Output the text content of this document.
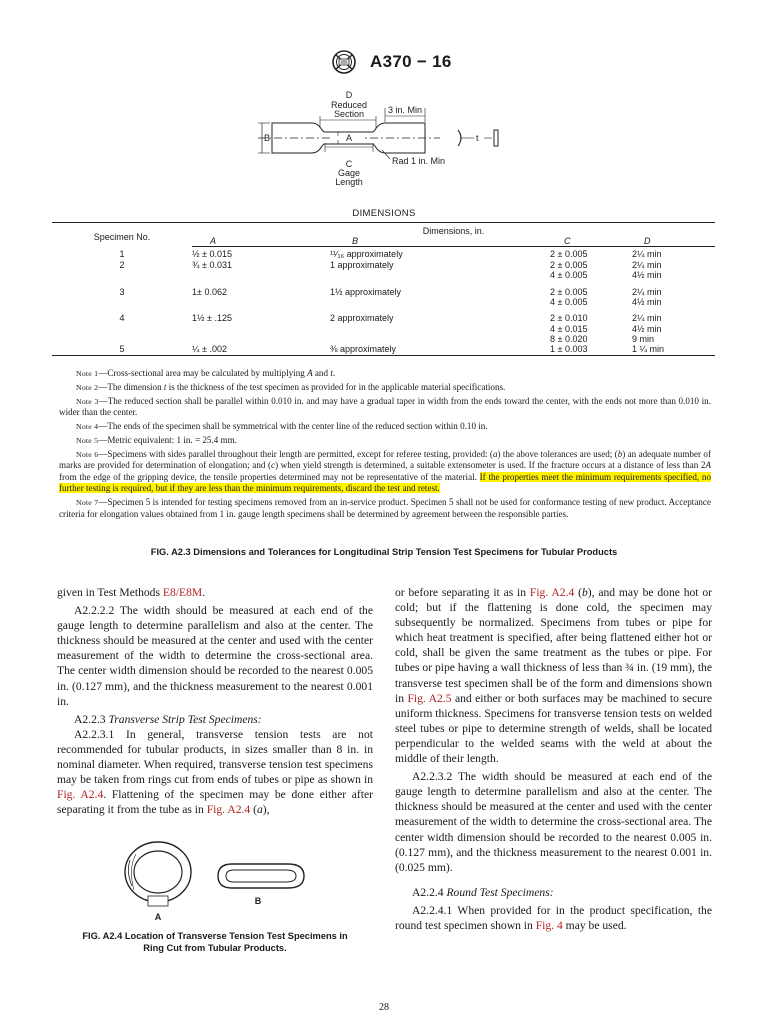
A370 − 16
B
D
Reduced
Section	3 in. Min
A
C
Gage
Length
Rad 1 in. Min
t
DIMENSIONS
Specimen No.	Dimensions, in.			
	A	B	C	D
1	½ ± 0.015	¹¹⁄₁₆ approximately	2 ± 0.005	2¼ min
2	¾ ± 0.031	1 approximately	2 ± 0.005	2¼ min
			4 ± 0.005	4½ min
3	1± 0.062	1½ approximately	2 ± 0.005	2¼ min
			4 ± 0.005	4½ min
4	1½ ± .125	2 approximately	2 ± 0.010	2¼ min
			4 ± 0.015	4½ min
			8 ± 0.020	9 min
5	¼ ± .002	⅜ approximately	1 ± 0.003	1 ¼ min

Note 1—Cross-sectional area may be calculated by multiplying A and t.

Note 2—The dimension t is the thickness of the test specimen as provided for in the applicable material specifications.

Note 3—The reduced section shall be parallel within 0.010 in. and may have a gradual taper in width from the ends toward the center, with the ends not more than 0.010 in. wider than the center.

Note 4—The ends of the specimen shall be symmetrical with the center line of the reduced section within 0.10 in.

Note 5—Metric equivalent: 1 in. = 25.4 mm.

Note 6—Specimens with sides parallel throughout their length are permitted, except for referee testing, provided: (a) the above tolerances are used; (b) an adequate number of marks are provided for determination of elongation; and (c) when yield strength is determined, a suitable extensometer is used. If the fracture occurs at a distance of less than 2A from the edge of the gripping device, the tensile properties determined may not be representative of the material. If the properties meet the minimum requirements specified, no further testing is required, but if they are less than the minimum requirements, discard the test and retest.

Note 7—Specimen 5 is intended for testing specimens removed from an in-service product. Specimen 5 shall not be used for conformance testing of new product. Acceptance criteria for elongation values obtained from 1 in. gauge length specimens shall be determined by agreement between the responsible parties.

FIG. A2.3 Dimensions and Tolerances for Longitudinal Strip Tension Test Specimens for Tubular Products

given in Test Methods E8/E8M.

A2.2.2.2 The width should be measured at each end of the gauge length to determine parallelism and also at the center. The thickness should be measured at the center and used with the center measurement of the width to determine the cross-sectional area. The center width dimension should be recorded to the nearest 0.005 in. (0.127 mm), and the thickness measurement to the nearest 0.001 in.

A2.2.3 Transverse Strip Test Specimens:

A2.2.3.1 In general, transverse tension tests are not recommended for tubular products, in sizes smaller than 8 in. in nominal diameter. When required, transverse tension test specimens may be taken from rings cut from ends of tubes or pipe as shown in Fig. A2.4. Flattening of the specimen may be done either after separating it from the tube as in Fig. A2.4 (a),

A
B
FIG. A2.4 Location of Transverse Tension Test Specimens in
Ring Cut from Tubular Products.

or before separating it as in Fig. A2.4 (b), and may be done hot or cold; but if the flattening is done cold, the specimen may subsequently be normalized. Specimens from tubes or pipe for which heat treatment is specified, after being flattened either hot or cold, shall be given the same treatment as the tubes or pipe. For tubes or pipe having a wall thickness of less than ¾ in. (19 mm), the transverse test specimen shall be of the form and dimensions shown in Fig. A2.5 and either or both surfaces may be machined to secure uniform thickness. Specimens for transverse tension tests on welded steel tubes or pipe to determine strength of welds, shall be located perpendicular to the welded seams with the weld at about the middle of their length.

A2.2.3.2 The width should be measured at each end of the gauge length to determine parallelism and also at the center. The thickness should be measured at the center and used with the center measurement of the width to determine the cross-sectional area. The center width dimension should be recorded to the nearest 0.005 in. (0.127 mm), and the thickness measurement to the nearest 0.001 in. (0.025 mm).

A2.2.4 Round Test Specimens:

A2.2.4.1 When provided for in the product specification, the round test specimen shown in Fig. 4 may be used.

28
